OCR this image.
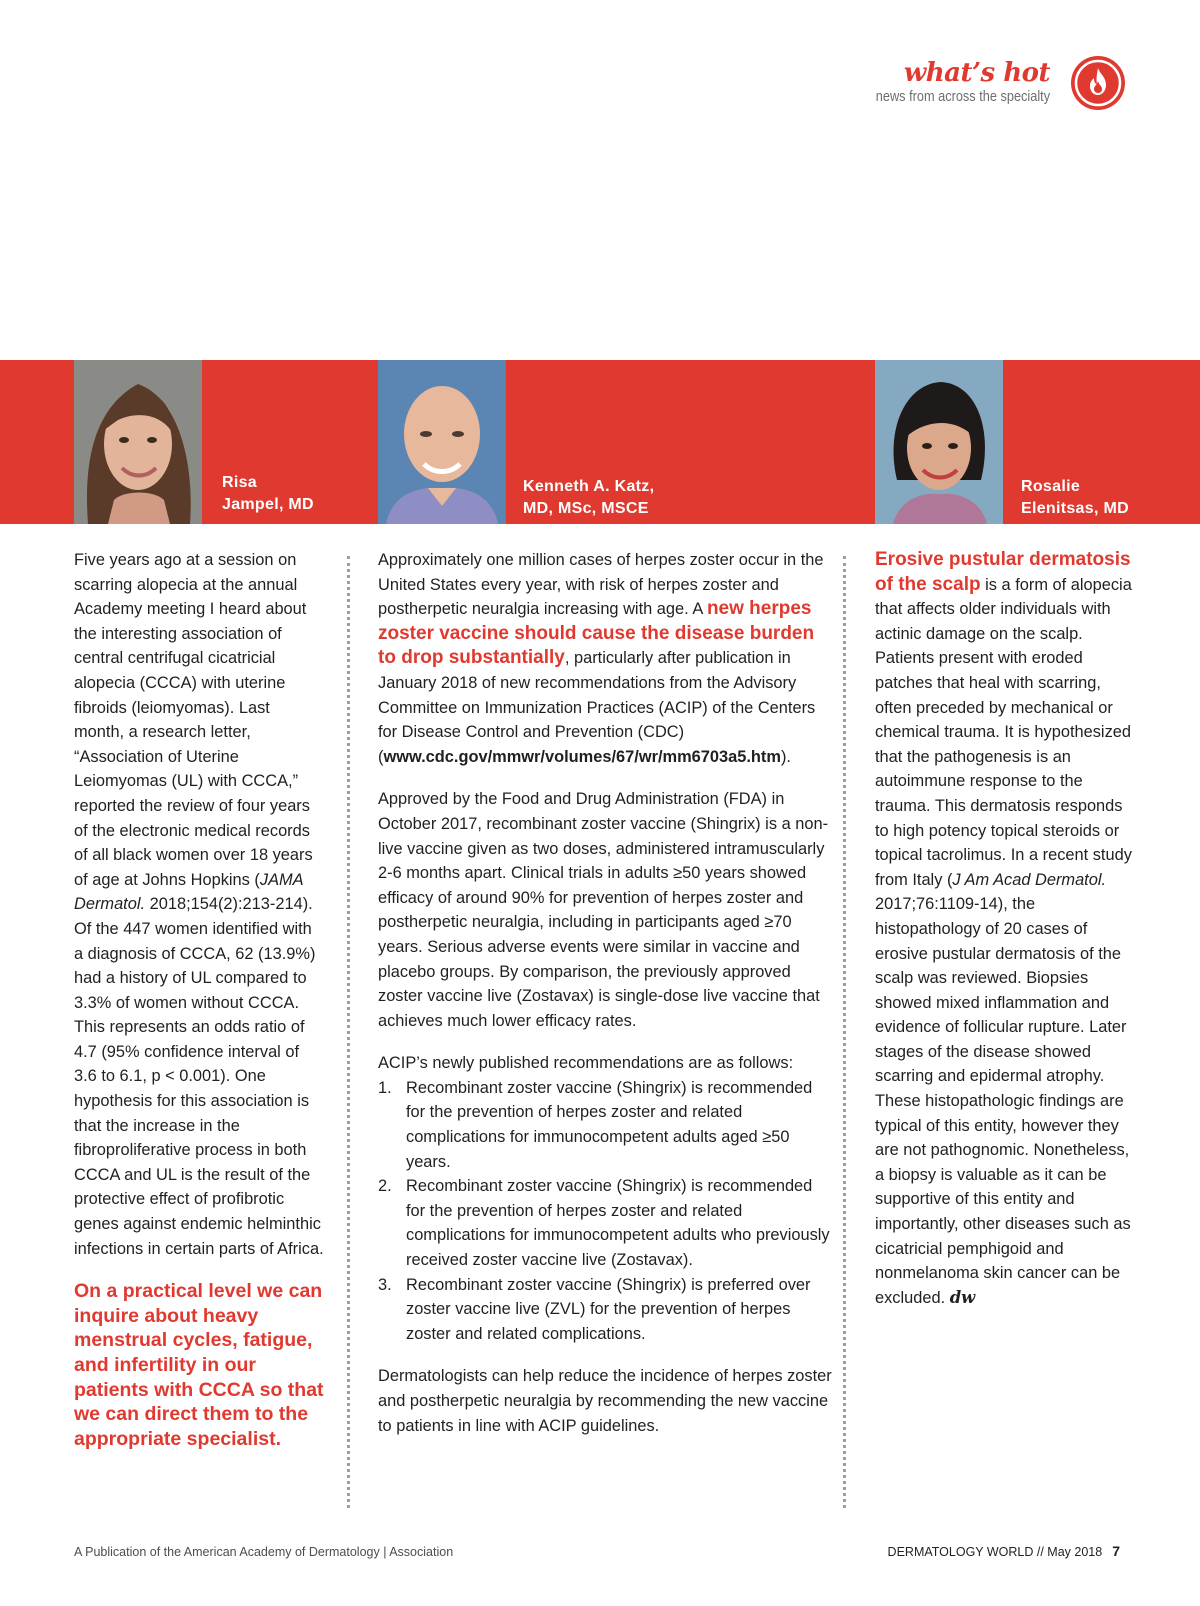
what’s hot
news from across the specialty
Risa
Jampel, MD
Kenneth A. Katz,
MD, MSc, MSCE
Rosalie
Elenitsas, MD

Five years ago at a session on scarring alopecia at the annual Academy meeting I heard about the interesting association of central centrifugal cicatricial alopecia (CCCA) with uterine fibroids (leiomyomas). Last month, a research letter, “Association of Uterine Leiomyomas (UL) with CCCA,” reported the review of four years of the electronic medical records of all black women over 18 years of age at Johns Hopkins (JAMA Dermatol. 2018;154(2):213-214). Of the 447 women identified with a diagnosis of CCCA, 62 (13.9%) had a history of UL compared to 3.3% of women without CCCA. This represents an odds ratio of 4.7 (95% confidence interval of 3.6 to 6.1, p < 0.001). One hypothesis for this association is that the increase in the fibroproliferative process in both CCCA and UL is the result of the protective effect of profibrotic genes against endemic helminthic infections in certain parts of Africa.

On a practical level we can inquire about heavy menstrual cycles, fatigue, and infertility in our patients with CCCA so that we can direct them to the appropriate specialist.

Approximately one million cases of herpes zoster occur in the United States every year, with risk of herpes zoster and postherpetic neuralgia increasing with age. A new herpes zoster vaccine should cause the disease burden to drop substantially, particularly after publication in January 2018 of new recommendations from the Advisory Committee on Immunization Practices (ACIP) of the Centers for Disease Control and Prevention (CDC) (www.cdc.gov/mmwr/volumes/67/wr/mm6703a5.htm).

Approved by the Food and Drug Administration (FDA) in October 2017, recombinant zoster vaccine (Shingrix) is a non-live vaccine given as two doses, administered intramuscularly 2-6 months apart. Clinical trials in adults ≥50 years showed efficacy of around 90% for prevention of herpes zoster and postherpetic neuralgia, including in participants aged ≥70 years. Serious adverse events were similar in vaccine and placebo groups. By comparison, the previously approved zoster vaccine live (Zostavax) is single-dose live vaccine that achieves much lower efficacy rates.

ACIP’s newly published recommendations are as follows:

1. Recombinant zoster vaccine (Shingrix) is recommended for the prevention of herpes zoster and related complications for immunocompetent adults aged ≥50 years.
2. Recombinant zoster vaccine (Shingrix) is recommended for the prevention of herpes zoster and related complications for immunocompetent adults who previously received zoster vaccine live (Zostavax).
3. Recombinant zoster vaccine (Shingrix) is preferred over zoster vaccine live (ZVL) for the prevention of herpes zoster and related complications.

Dermatologists can help reduce the incidence of herpes zoster and postherpetic neuralgia by recommending the new vaccine to patients in line with ACIP guidelines.

Erosive pustular dermatosis of the scalp is a form of alopecia that affects older individuals with actinic damage on the scalp. Patients present with eroded patches that heal with scarring, often preceded by mechanical or chemical trauma. It is hypothesized that the pathogenesis is an autoimmune response to the trauma. This dermatosis responds to high potency topical steroids or topical tacrolimus. In a recent study from Italy (J Am Acad Dermatol. 2017;76:1109-14), the histopathology of 20 cases of erosive pustular dermatosis of the scalp was reviewed. Biopsies showed mixed inflammation and evidence of follicular rupture. Later stages of the disease showed scarring and epidermal atrophy. These histopathologic findings are typical of this entity, however they are not pathognomic. Nonetheless, a biopsy is valuable as it can be supportive of this entity and importantly, other diseases such as cicatricial pemphigoid and nonmelanoma skin cancer can be excluded. dw

A Publication of the American Academy of Dermatology | Association	DERMATOLOGY WORLD // May 2018 7
